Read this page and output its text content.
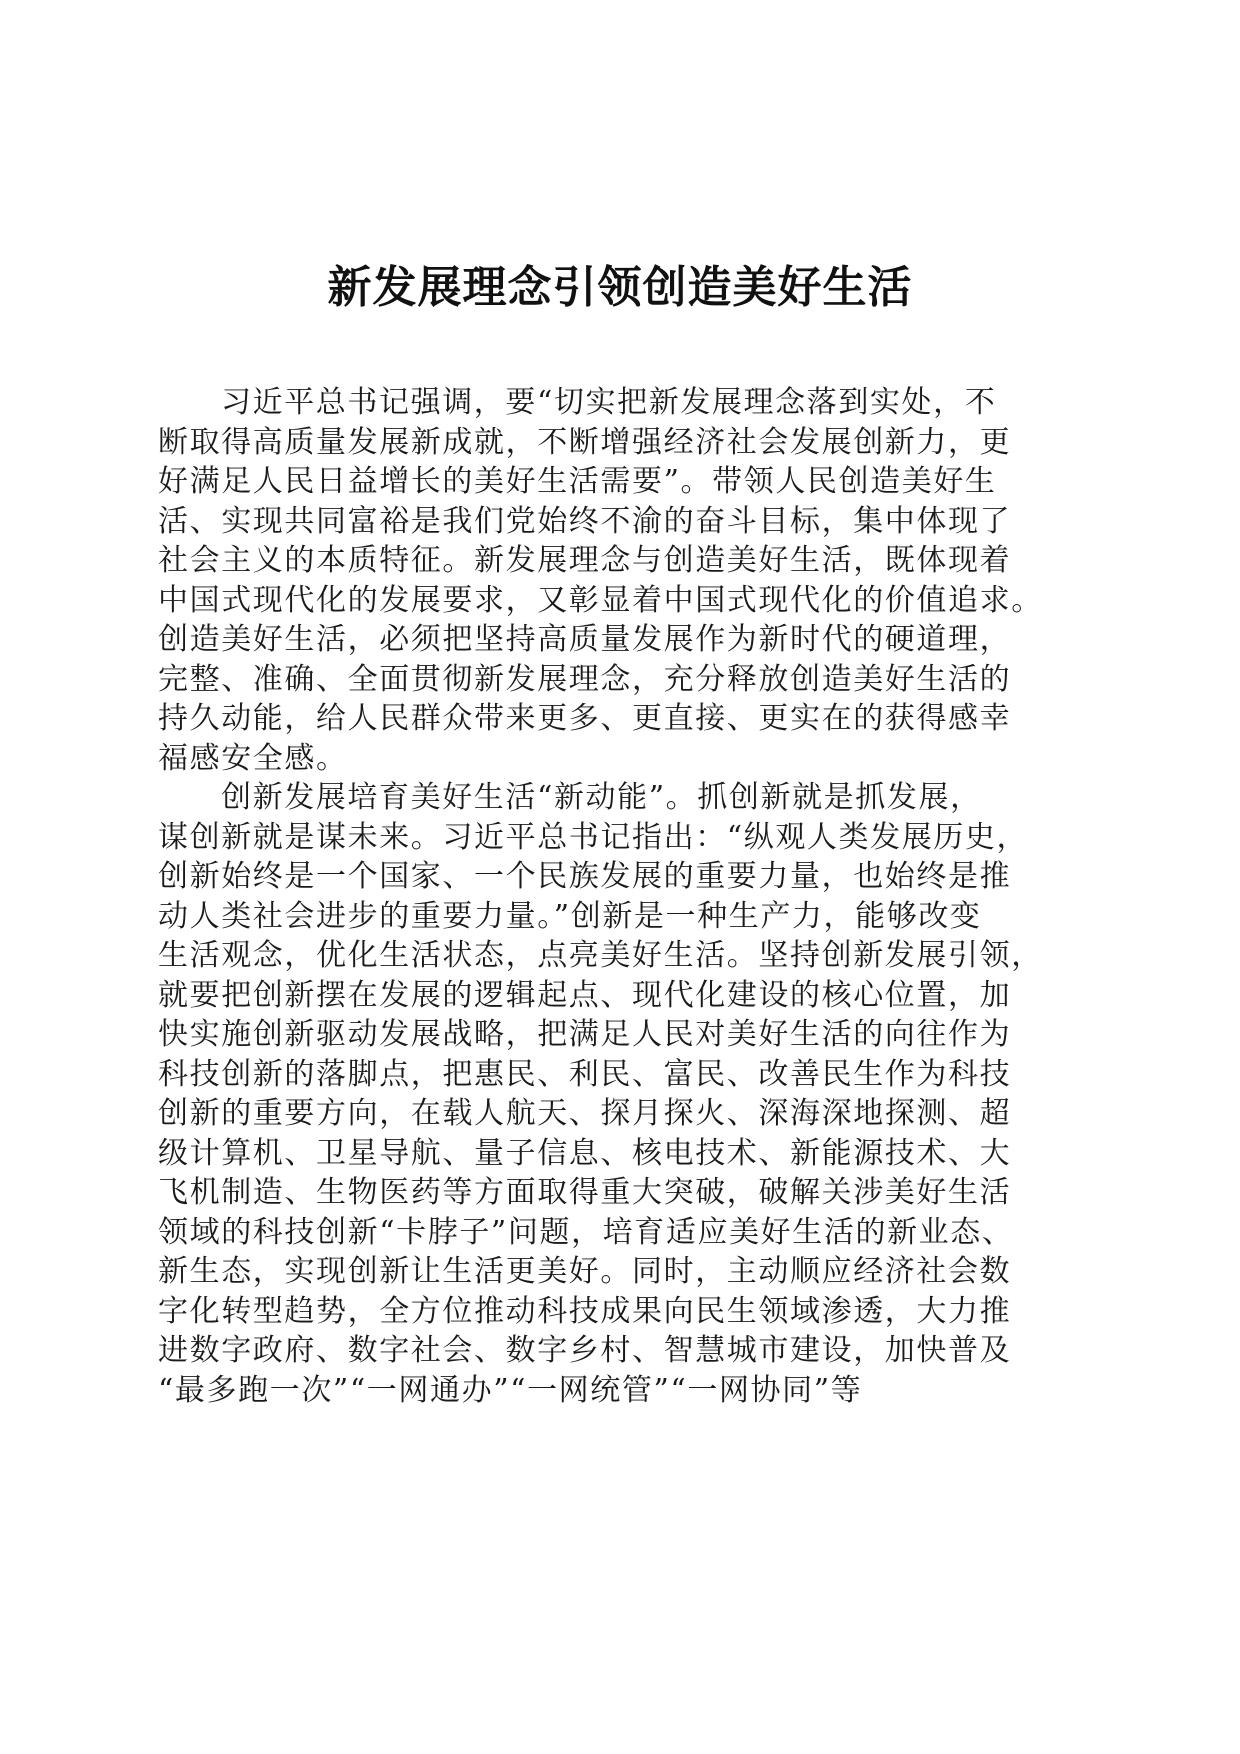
新发展理念引领创造美好生活
习近平总书记强调，要“切实把新发展理念落到实处，不
断取得高质量发展新成就，不断增强经济社会发展创新力，更
好满足人民日益增长的美好生活需要”。带领人民创造美好生
活、实现共同富裕是我们党始终不渝的奋斗目标，集中体现了
社会主义的本质特征。新发展理念与创造美好生活，既体现着
中国式现代化的发展要求，又彰显着中国式现代化的价值追求。
创造美好生活，必须把坚持高质量发展作为新时代的硬道理，
完整、准确、全面贯彻新发展理念，充分释放创造美好生活的
持久动能，给人民群众带来更多、更直接、更实在的获得感幸
福感安全感。
创新发展培育美好生活“新动能”。抓创新就是抓发展，
谋创新就是谋未来。习近平总书记指出：“纵观人类发展历史，
创新始终是一个国家、一个民族发展的重要力量，也始终是推
动人类社会进步的重要力量。”创新是一种生产力，能够改变
生活观念，优化生活状态，点亮美好生活。坚持创新发展引领，
就要把创新摆在发展的逻辑起点、现代化建设的核心位置，加
快实施创新驱动发展战略，把满足人民对美好生活的向往作为
科技创新的落脚点，把惠民、利民、富民、改善民生作为科技
创新的重要方向，在载人航天、探月探火、深海深地探测、超
级计算机、卫星导航、量子信息、核电技术、新能源技术、大
飞机制造、生物医药等方面取得重大突破，破解关涉美好生活
领域的科技创新“卡脖子”问题，培育适应美好生活的新业态、
新生态，实现创新让生活更美好。同时，主动顺应经济社会数
字化转型趋势，全方位推动科技成果向民生领域渗透，大力推
进数字政府、数字社会、数字乡村、智慧城市建设，加快普及
“最多跑一次”“一网通办”“一网统管”“一网协同”等
